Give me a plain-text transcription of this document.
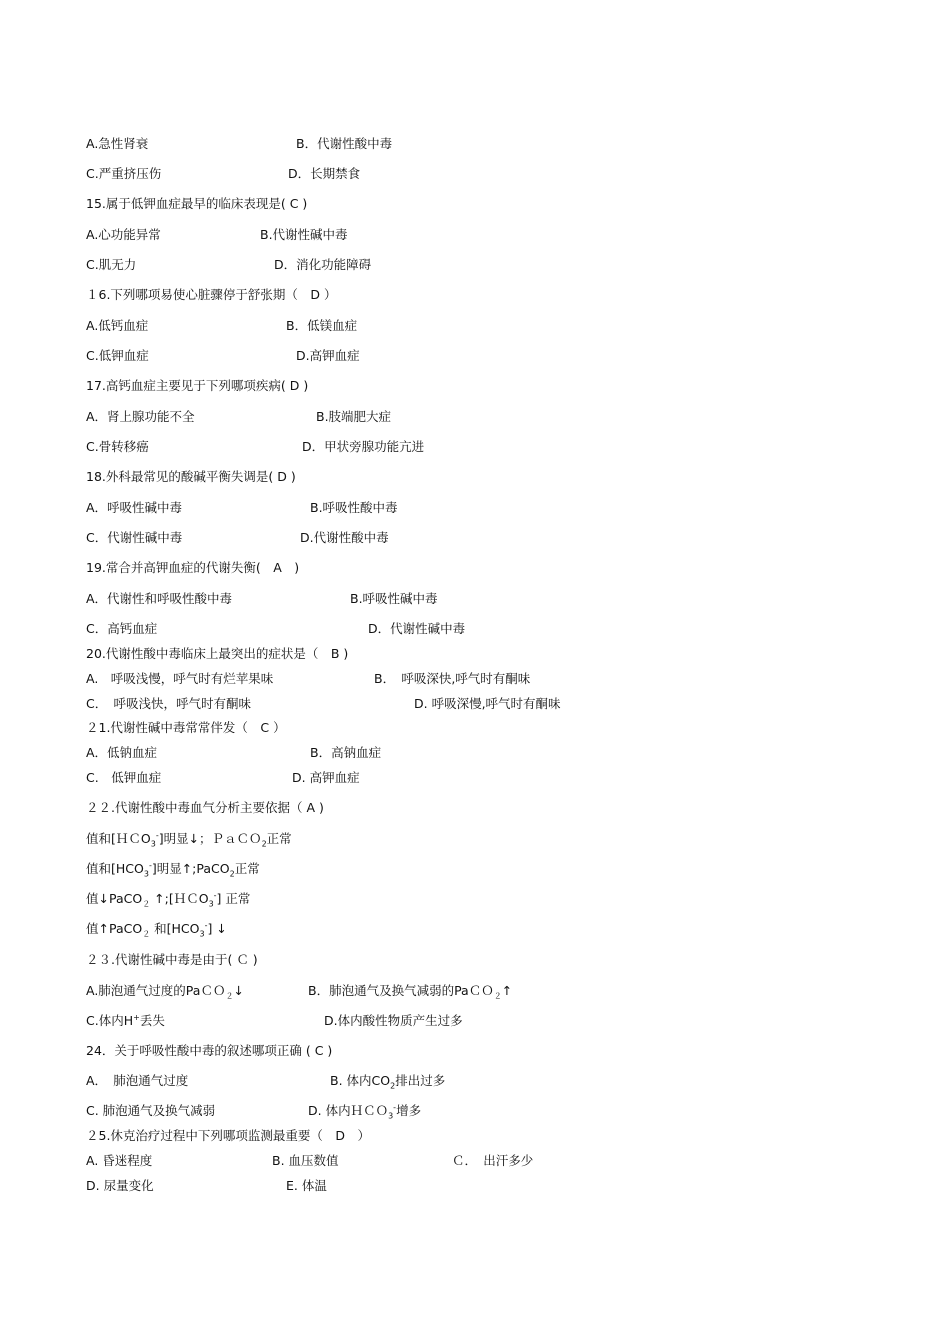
A.急性肾衰	B．代谢性酸中毒
C.严重挤压伤	D．长期禁食
15.属于低钾血症最早的临床表现是( C )
A.心功能异常	B.代谢性碱中毒
C.肌无力	D．消化功能障碍
１6.下列哪项易使心脏骤停于舒张期（　D ）
A.低钙血症	B．低镁血症
C.低钾血症	D.高钾血症
17.高钙血症主要见于下列哪项疾病( D )
A．肾上腺功能不全	B.肢端肥大症
C.骨转移癌	D．甲状旁腺功能亢进
18.外科最常见的酸碱平衡失调是( D )
A．呼吸性碱中毒	B.呼吸性酸中毒
C．代谢性碱中毒	D.代谢性酸中毒
19.常合并高钾血症的代谢失衡(　A　)
A．代谢性和呼吸性酸中毒	B.呼吸性碱中毒
C．高钙血症	D．代谢性碱中毒
20.代谢性酸中毒临床上最突出的症状是（　B )
A.　呼吸浅慢，呼气时有烂苹果味	B．　呼吸深快,呼气时有酮味
C．　呼吸浅快，呼气时有酮味	D. 呼吸深慢,呼气时有酮味
２1.代谢性碱中毒常常伴发（　C ）
A．低钠血症	B．高钠血症
C.　低钾血症	D. 高钾血症
２２.代谢性酸中毒血气分析主要依据（ A )
值和[ＨＣO$_3$-]明显↓；ＰａＣＯ$_2$正常
值和$[HCO_3^-]$明显↑;PaCO$_2$正常
值↓PaCO$_2$ ↑;[ＨＣO$_3$-] 正常
值↑PaCO$_2$ 和$[HCO_3^-]$ ↓
２３.代谢性碱中毒是由于( Ｃ )
A.肺泡通气过度的PaＣＯ$_2$↓	B．肺泡通气及换气减弱的PaＣＯ$_2$↑
C.体内H+丢失	D.体内酸性物质产生过多
24．关于呼吸性酸中毒的叙述哪项正确 ( C )
A．　肺泡通气过度	B. 体内$CO_2$排出过多
C. 肺泡通气及换气减弱	D. 体内ＨＣＯ$_3$-增多
２5.休克治疗过程中下列哪项监测最重要（　D　）
A. 昏迷程度	B. 血压数值	Ｃ．　出汗多少
D. 尿量变化	E. 体温
